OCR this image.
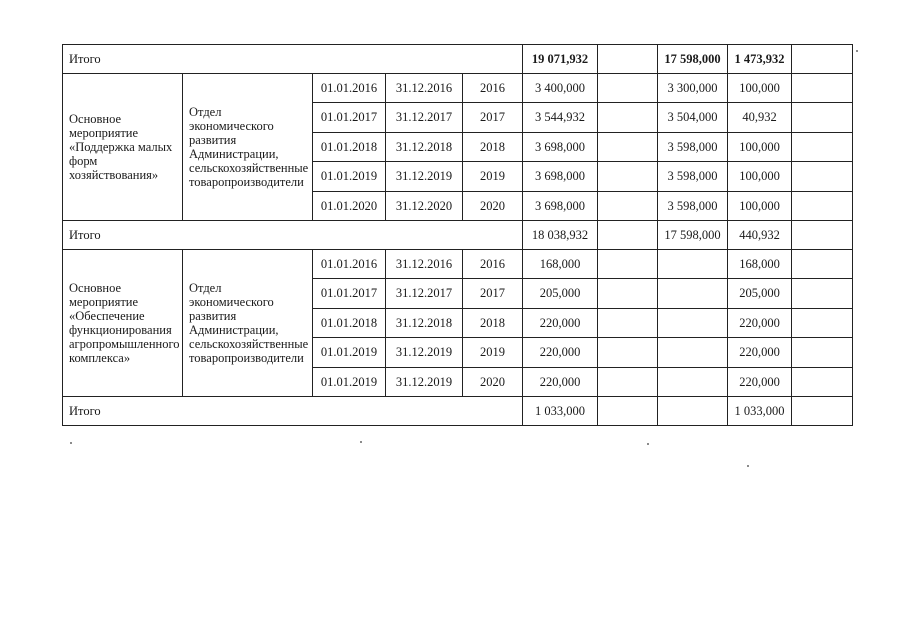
Итого					19 071,932		17 598,000	1 473,932	
Основное мероприятие «Поддержка малых форм хозяйствования»	Отдел экономического развития Администрации, сельскохозяйственные товаропроизводители	01.01.2016	31.12.2016	2016	3 400,000		3 300,000	100,000	
		01.01.2017	31.12.2017	2017	3 544,932		3 504,000	40,932	
		01.01.2018	31.12.2018	2018	3 698,000		3 598,000	100,000	
		01.01.2019	31.12.2019	2019	3 698,000		3 598,000	100,000	
		01.01.2020	31.12.2020	2020	3 698,000		3 598,000	100,000	
Итого					18 038,932		17 598,000	440,932	
Основное мероприятие «Обеспечение функционирования агропромышленного комплекса»	Отдел экономического развития Администрации, сельскохозяйственные товаропроизводители	01.01.2016	31.12.2016	2016	168,000			168,000	
		01.01.2017	31.12.2017	2017	205,000			205,000	
		01.01.2018	31.12.2018	2018	220,000			220,000	
		01.01.2019	31.12.2019	2019	220,000			220,000	
		01.01.2019	31.12.2019	2020	220,000			220,000	
Итого					1 033,000			1 033,000	
